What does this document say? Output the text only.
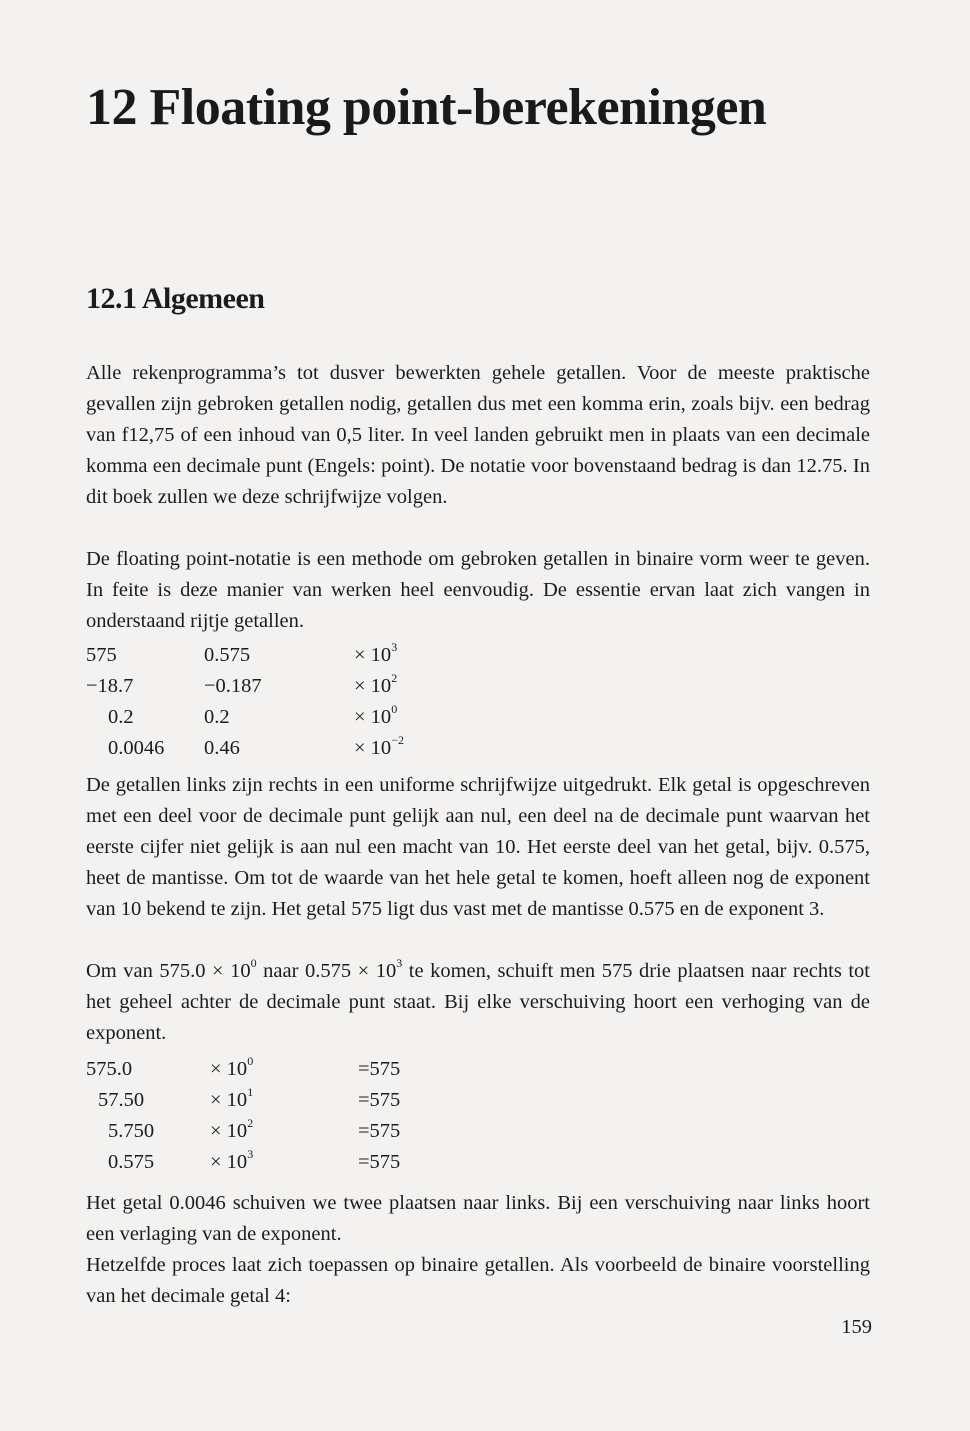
12 Floating point-berekeningen
12.1 Algemeen

Alle rekenprogramma’s tot dusver bewerkten gehele getallen. Voor de meeste praktische gevallen zijn gebroken getallen nodig, getallen dus met een komma erin, zoals bijv. een bedrag van f12,75 of een inhoud van 0,5 liter. In veel landen gebruikt men in plaats van een decimale komma een decimale punt (Engels: point). De notatie voor bovenstaand bedrag is dan 12.75. In dit boek zullen we deze schrijfwijze volgen.

De floating point-notatie is een methode om gebroken getallen in binaire vorm weer te geven. In feite is deze manier van werken heel eenvoudig. De essentie ervan laat zich vangen in onderstaand rijtje getallen.

575	0.575	× $10^3$
−18.7	−0.187	× $10^2$
0.2	0.2	× $10^0$
0.0046 0.46	× $10^{-2}$

De getallen links zijn rechts in een uniforme schrijfwijze uitgedrukt. Elk getal is opgeschreven met een deel voor de decimale punt gelijk aan nul, een deel na de decimale punt waarvan het eerste cijfer niet gelijk is aan nul een macht van 10. Het eerste deel van het getal, bijv. 0.575, heet de mantisse. Om tot de waarde van het hele getal te komen, hoeft alleen nog de exponent van 10 bekend te zijn. Het getal 575 ligt dus vast met de mantisse 0.575 en de exponent 3.

Om van $575.0 \times 10^0$ naar $0.575 \times 10^3$ te komen, schuift men 575 drie plaatsen naar rechts tot het geheel achter de decimale punt staat. Bij elke verschuiving hoort een verhoging van de exponent.

575.0	× $10^0$	=575
57.50	× $10^1$	=575
5.750	× $10^2$	=575
0.575	× $10^3$	=575

Het getal 0.0046 schuiven we twee plaatsen naar links. Bij een verschuiving naar links hoort een verlaging van de exponent.

Hetzelfde proces laat zich toepassen op binaire getallen. Als voorbeeld de binaire voorstelling van het decimale getal 4:

159
